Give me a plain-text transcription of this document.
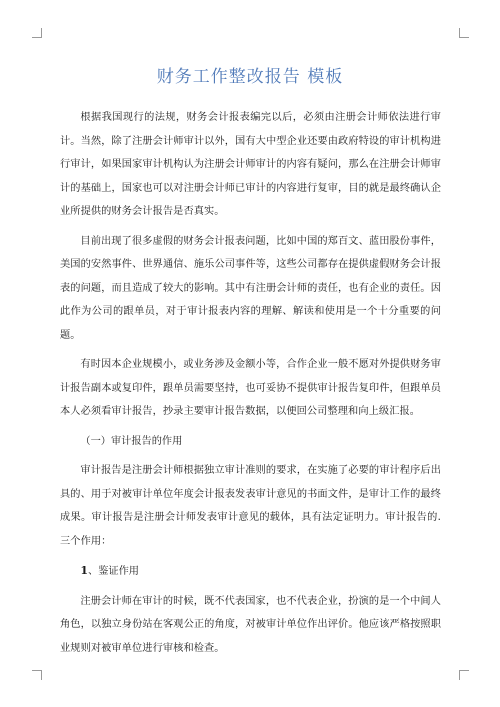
财务工作整改报告 模板

根据我国现行的法规，财务会计报表编完以后，必须由注册会计师依法进行审计。当然，除了注册会计师审计以外，国有大中型企业还要由政府特设的审计机构进行审计，如果国家审计机构认为注册会计师审计的内容有疑问，那么在注册会计师审计的基础上，国家也可以对注册会计师已审计的内容进行复审，目的就是最终确认企业所提供的财务会计报告是否真实。

目前出现了很多虚假的财务会计报表问题，比如中国的郑百文、蓝田股份事件，美国的安然事件、世界通信、施乐公司事件等，这些公司都存在提供虚假财务会计报表的问题，而且造成了较大的影响。其中有注册会计师的责任，也有企业的责任。因此作为公司的跟单员，对于审计报表内容的理解、解读和使用是一个十分重要的问题。

有时因本企业规模小，或业务涉及金额小等，合作企业一般不愿对外提供财务审计报告副本或复印件，跟单员需要坚持，也可妥协不提供审计报告复印件，但跟单员本人必须看审计报告，抄录主要审计报告数据，以便回公司整理和向上级汇报。

（一）审计报告的作用

审计报告是注册会计师根据独立审计准则的要求，在实施了必要的审计程序后出具的、用于对被审计单位年度会计报表发表审计意见的书面文件，是审计工作的最终成果。审计报告是注册会计师发表审计意见的载体，具有法定证明力。审计报告的.三个作用：

1、鉴证作用

注册会计师在审计的时候，既不代表国家，也不代表企业，扮演的是一个中间人角色，以独立身份站在客观公正的角度，对被审计单位作出评价。他应该严格按照职业规则对被审单位进行审核和检查。
